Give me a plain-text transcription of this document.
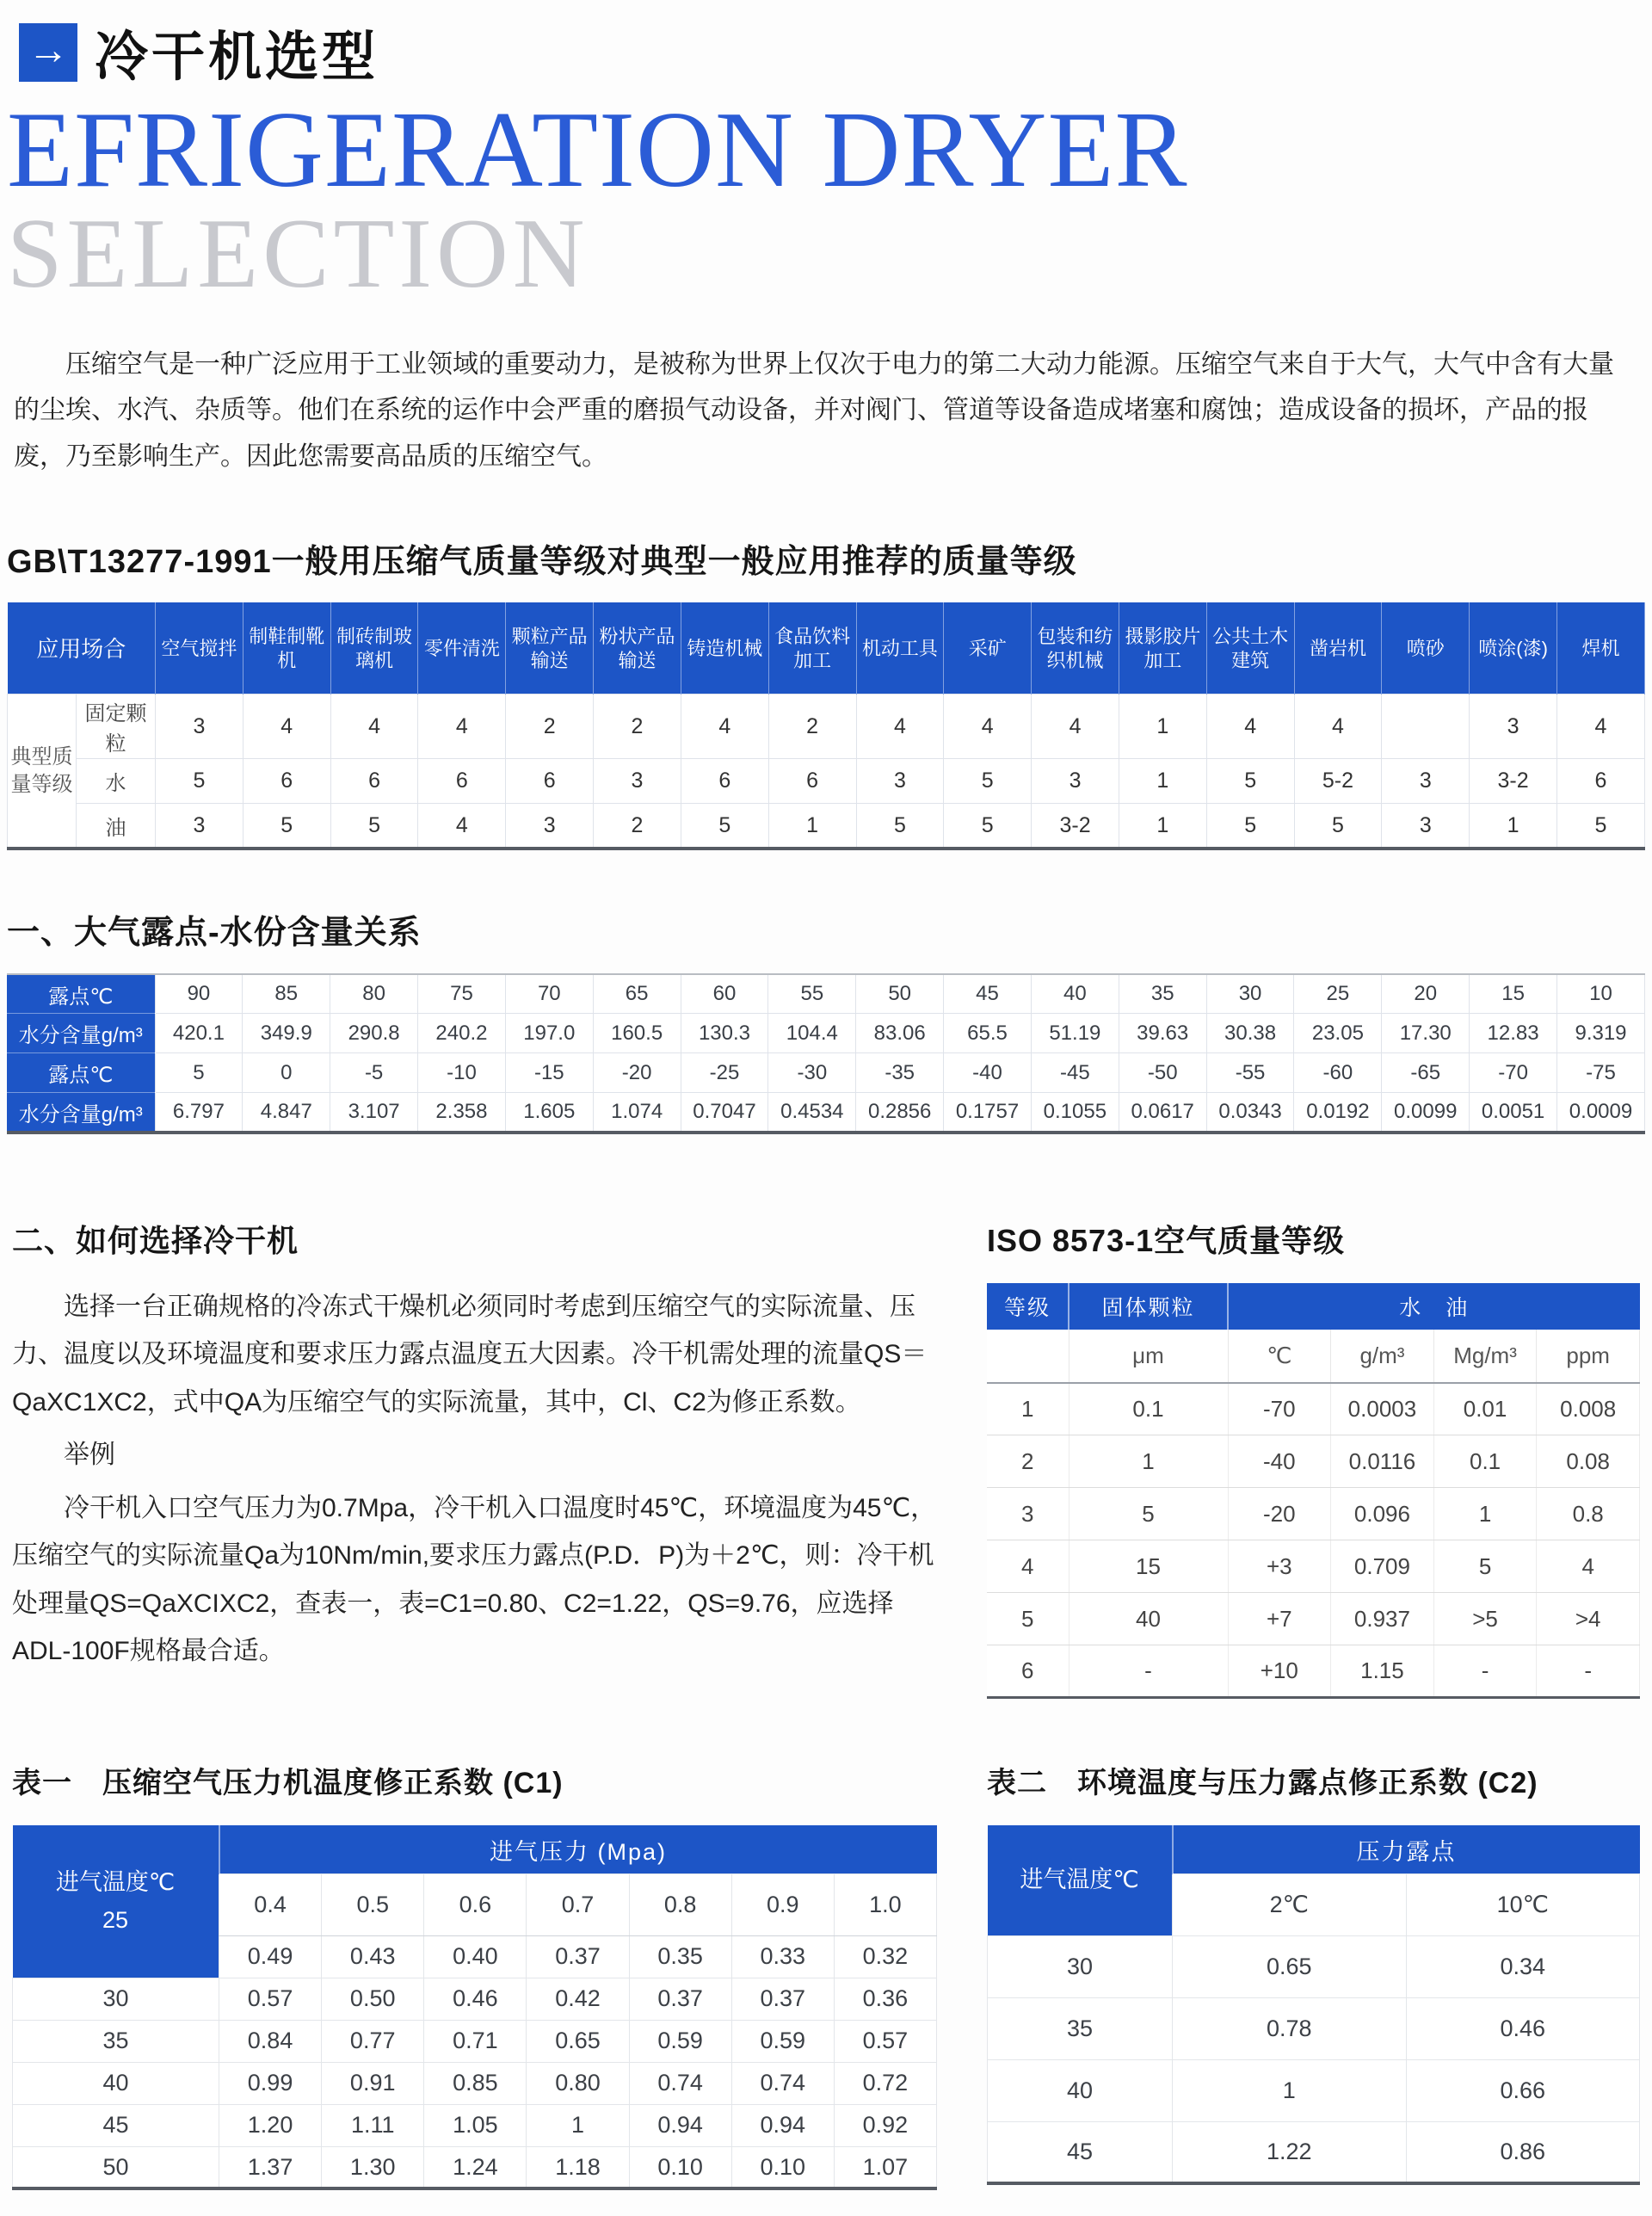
→ 冷干机选型
EFRIGERATION DRYER
SELECTION

压缩空气是一种广泛应用于工业领域的重要动力，是被称为世界上仅次于电力的第二大动力能源。压缩空气来自于大气，大气中含有大量的尘埃、水汽、杂质等。他们在系统的运作中会严重的磨损气动设备，并对阀门、管道等设备造成堵塞和腐蚀；造成设备的损坏，产品的报废，乃至影响生产。因此您需要高品质的压缩空气。

GB\T13277-1991一般用压缩气质量等级对典型一般应用推荐的质量等级
应用场合		空气搅拌	制鞋制靴机	制砖制玻璃机	零件清洗	颗粒产品输送	粉状产品输送	铸造机械	食品饮料加工	机动工具	采矿	包装和纺织机械	摄影胶片加工	公共土木建筑	凿岩机	喷砂	喷涂(漆)	焊机
典型质量等级	固定颗粒	3	4	4	4	2	2	4	2	4	4	4	1	4	4		3	4
	水	5	6	6	6	6	3	6	6	3	5	3	1	5	5-2	3	3-2	6
	油	3	5	5	4	3	2	5	1	5	5	3-2	1	5	5	3	1	5
一、大气露点-水份含量关系
露点℃	90	85	80	75	70	65	60	55	50	45	40	35	30	25	20	15	10
水分含量g/m³	420.1	349.9	290.8	240.2	197.0	160.5	130.3	104.4	83.06	65.5	51.19	39.63	30.38	23.05	17.30	12.83	9.319
露点℃	5	0	-5	-10	-15	-20	-25	-30	-35	-40	-45	-50	-55	-60	-65	-70	-75
水分含量g/m³	6.797	4.847	3.107	2.358	1.605	1.074	0.7047	0.4534	0.2856	0.1757	0.1055	0.0617	0.0343	0.0192	0.0099	0.0051	0.0009
二、如何选择冷干机

选择一台正确规格的冷冻式干燥机必须同时考虑到压缩空气的实际流量、压力、温度以及环境温度和要求压力露点温度五大因素。冷干机需处理的流量QS＝QaXC1XC2，式中QA为压缩空气的实际流量，其中，Cl、C2为修正系数。

举例

冷干机入口空气压力为0.7Mpa，冷干机入口温度时45℃，环境温度为45℃，压缩空气的实际流量Qa为10Nm/min,要求压力露点(P.D．P)为＋2℃，则：冷干机处理量QS=QaXCIXC2，查表一，表=C1=0.80、C2=1.22，QS=9.76，应选择ADL-100F规格最合适。

ISO 8573-1空气质量等级
等级	固体颗粒	水　油			
	μm	℃	g/m³	Mg/m³	ppm
1	0.1	-70	0.0003	0.01	0.008
2	1	-40	0.0116	0.1	0.08
3	5	-20	0.096	1	0.8
4	15	+3	0.709	5	4
5	40	+7	0.937	>5	>4
6	-	+10	1.15	-	-
表一　压缩空气压力机温度修正系数 (C1)
进气温度℃
25	进气压力 (Mpa)						
	0.4	0.5	0.6	0.7	0.8	0.9	1.0
	0.49	0.43	0.40	0.37	0.35	0.33	0.32
30	0.57	0.50	0.46	0.42	0.37	0.37	0.36
35	0.84	0.77	0.71	0.65	0.59	0.59	0.57
40	0.99	0.91	0.85	0.80	0.74	0.74	0.72
45	1.20	1.11	1.05	1	0.94	0.94	0.92
50	1.37	1.30	1.24	1.18	0.10	0.10	1.07
表二　环境温度与压力露点修正系数 (C2)
进气温度℃	压力露点	
	2℃	10℃
30	0.65	0.34
35	0.78	0.46
40	1	0.66
45	1.22	0.86
